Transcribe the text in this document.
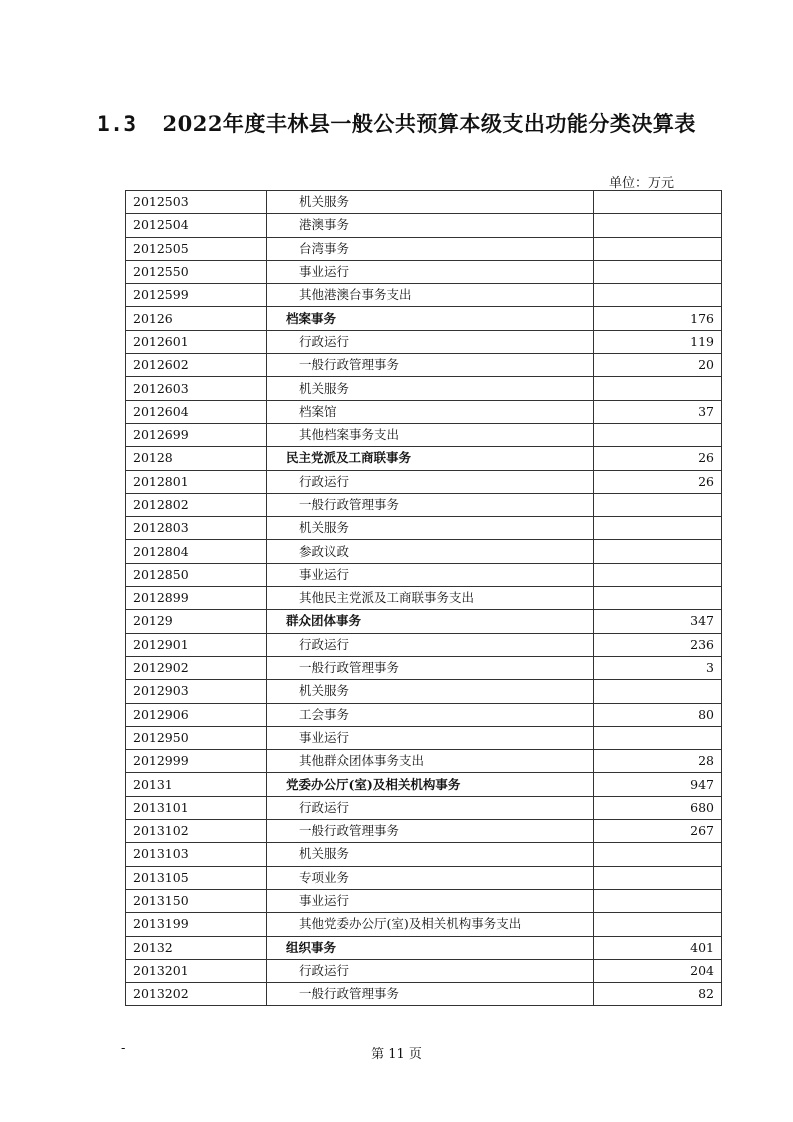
1.3 2022年度丰林县一般公共预算本级支出功能分类决算表
单位：万元
2012503	机关服务	
2012504	港澳事务	
2012505	台湾事务	
2012550	事业运行	
2012599	其他港澳台事务支出	
20126	档案事务	176
2012601	行政运行	119
2012602	一般行政管理事务	20
2012603	机关服务	
2012604	档案馆	37
2012699	其他档案事务支出	
20128	民主党派及工商联事务	26
2012801	行政运行	26
2012802	一般行政管理事务	
2012803	机关服务	
2012804	参政议政	
2012850	事业运行	
2012899	其他民主党派及工商联事务支出	
20129	群众团体事务	347
2012901	行政运行	236
2012902	一般行政管理事务	3
2012903	机关服务	
2012906	工会事务	80
2012950	事业运行	
2012999	其他群众团体事务支出	28
20131	党委办公厅(室)及相关机构事务	947
2013101	行政运行	680
2013102	一般行政管理事务	267
2013103	机关服务	
2013105	专项业务	
2013150	事业运行	
2013199	其他党委办公厅(室)及相关机构事务支出	
20132	组织事务	401
2013201	行政运行	204
2013202	一般行政管理事务	82
-	第 11 页
